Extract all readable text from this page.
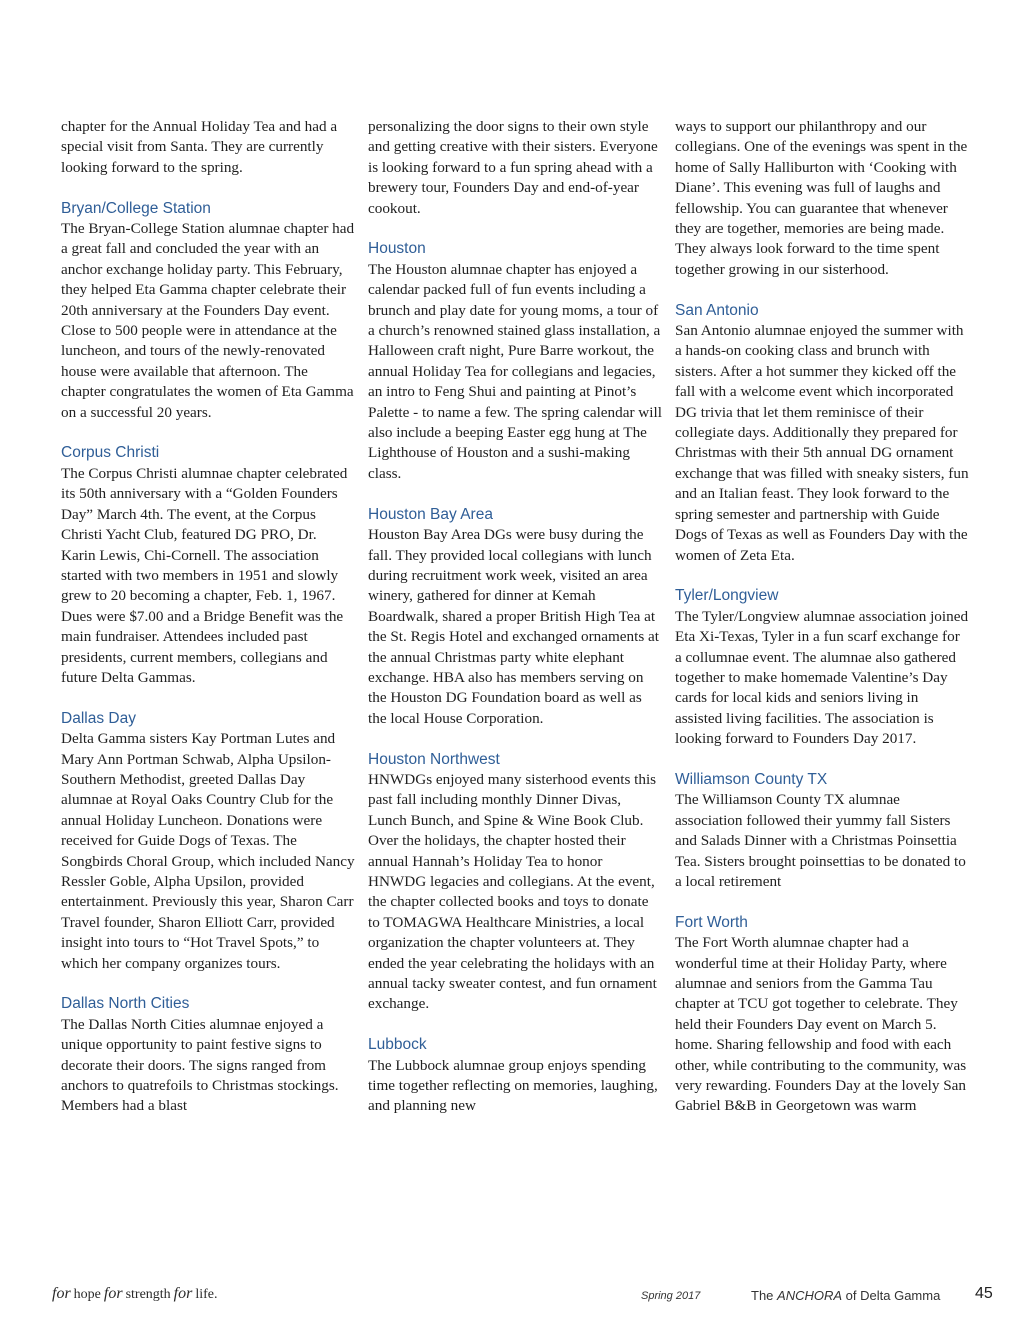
chapter for the Annual Holiday Tea and had a special visit from Santa. They are currently looking forward to the spring.

Bryan/College Station

The Bryan-College Station alumnae chapter had a great fall and concluded the year with an anchor exchange holiday party. This February, they helped Eta Gamma chapter celebrate their 20th anniversary at the Founders Day event. Close to 500 people were in attendance at the luncheon, and tours of the newly-renovated house were available that afternoon. The chapter congratulates the women of Eta Gamma on a successful 20 years.

Corpus Christi

The Corpus Christi alumnae chapter celebrated its 50th anniversary with a “Golden Founders Day” March 4th. The event, at the Corpus Christi Yacht Club, featured DG PRO, Dr. Karin Lewis, Chi-Cornell. The association started with two members in 1951 and slowly grew to 20 becoming a chapter, Feb. 1, 1967. Dues were $7.00 and a Bridge Benefit was the main fundraiser. Attendees included past presidents, current members, collegians and future Delta Gammas.

Dallas Day

Delta Gamma sisters Kay Portman Lutes and Mary Ann Portman Schwab, Alpha Upsilon-Southern Methodist, greeted Dallas Day alumnae at Royal Oaks Country Club for the annual Holiday Luncheon. Donations were received for Guide Dogs of Texas. The Songbirds Choral Group, which included Nancy Ressler Goble, Alpha Upsilon, provided entertainment. Previously this year, Sharon Carr Travel founder, Sharon Elliott Carr, provided insight into tours to “Hot Travel Spots,” to which her company organizes tours.

Dallas North Cities

The Dallas North Cities alumnae enjoyed a unique opportunity to paint festive signs to decorate their doors. The signs ranged from anchors to quatrefoils to Christmas stockings. Members had a blast

personalizing the door signs to their own style and getting creative with their sisters. Everyone is looking forward to a fun spring ahead with a brewery tour, Founders Day and end-of-year cookout.

Houston

The Houston alumnae chapter has enjoyed a calendar packed full of fun events including a brunch and play date for young moms, a tour of a church’s renowned stained glass installation, a Halloween craft night, Pure Barre workout, the annual Holiday Tea for collegians and legacies, an intro to Feng Shui and painting at Pinot’s Palette - to name a few. The spring calendar will also include a beeping Easter egg hung at The Lighthouse of Houston and a sushi-making class.

Houston Bay Area

Houston Bay Area DGs were busy during the fall. They provided local collegians with lunch during recruitment work week, visited an area winery, gathered for dinner at Kemah Boardwalk, shared a proper British High Tea at the St. Regis Hotel and exchanged ornaments at the annual Christmas party white elephant exchange. HBA also has members serving on the Houston DG Foundation board as well as the local House Corporation.

Houston Northwest

HNWDGs enjoyed many sisterhood events this past fall including monthly Dinner Divas, Lunch Bunch, and Spine & Wine Book Club. Over the holidays, the chapter hosted their annual Hannah’s Holiday Tea to honor HNWDG legacies and collegians. At the event, the chapter collected books and toys to donate to TOMAGWA Healthcare Ministries, a local organization the chapter volunteers at. They ended the year celebrating the holidays with an annual tacky sweater contest, and fun ornament exchange.

Lubbock

The Lubbock alumnae group enjoys spending time together reflecting on memories, laughing, and planning new

ways to support our philanthropy and our collegians. One of the evenings was spent in the home of Sally Halliburton with ‘Cooking with Diane’. This evening was full of laughs and fellowship. You can guarantee that whenever they are together, memories are being made. They always look forward to the time spent together growing in our sisterhood.

San Antonio

San Antonio alumnae enjoyed the summer with a hands-on cooking class and brunch with sisters. After a hot summer they kicked off the fall with a welcome event which incorporated DG trivia that let them reminisce of their collegiate days. Additionally they prepared for Christmas with their 5th annual DG ornament exchange that was filled with sneaky sisters, fun and an Italian feast. They look forward to the spring semester and partnership with Guide Dogs of Texas as well as Founders Day with the women of Zeta Eta.

Tyler/Longview

The Tyler/Longview alumnae association joined Eta Xi-Texas, Tyler in a fun scarf exchange for a collumnae event. The alumnae also gathered together to make homemade Valentine’s Day cards for local kids and seniors living in assisted living facilities. The association is looking forward to Founders Day 2017.

Williamson County TX

The Williamson County TX alumnae association followed their yummy fall Sisters and Salads Dinner with a Christmas Poinsettia Tea. Sisters brought poinsettias to be donated to a local retirement

Fort Worth

The Fort Worth alumnae chapter had a wonderful time at their Holiday Party, where alumnae and seniors from the Gamma Tau chapter at TCU got together to celebrate. They held their Founders Day event on March 5. home. Sharing fellowship and food with each other, while contributing to the community, was very rewarding. Founders Day at the lovely San Gabriel B&B in Georgetown was warm

for hope for strength for life.	Spring 2017	The ANCHORA of Delta Gamma 45
